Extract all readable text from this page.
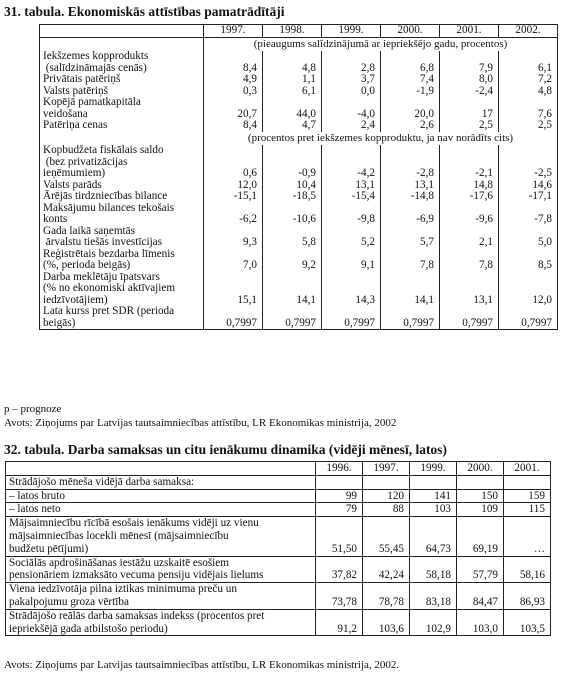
31. tabula. Ekonomiskās attīstības pamatrādītāji
	1997.	1998.	1999.	2000.	2001.	2002.
	(pieaugums salīdzinājumā ar iepriekšējo gadu, procentos)					

Iekšzemes kopprodukts
(salīdzināmajās cenās)	8,4	4,8	2,8	6,8	7,9	6,1

Privātais patēriņš	4,9	1,1	3,7	7,4	8,0	7,2

Valsts patēriņš	0,3	6,1	0,0	-1,9	-2,4	4,8

Kopējā pamatkapitāla
veidošana	20,7	44,0	-4,0	20,0	17	7,6

Patēriņa cenas	8,4	4,7	2,4	2,6	2,5	2,5
	(procentos pret iekšzemes kopproduktu, ja nav norādīts cits)					

Kopbudžeta fiskālais saldo
(bez privatizācijas
ieņēmumiem)	0,6	-0,9	-4,2	-2,8	-2,1	-2,5

Valsts parāds	12,0	10,4	13,1	13,1	14,8	14,6

Ārējās tirdzniecības bilance	-15,1	-18,5	-15,4	-14,8	-17,6	-17,1

Maksājumu bilances tekošais
konts	-6,2	-10,6	-9,8	-6,9	-9,6	-7,8

Gada laikā saņemtās
ārvalstu tiešās investīcijas	9,3	5,8	5,2	5,7	2,1	5,0

Reģistrētais bezdarba līmenis
(%, perioda beigās)	7,0	9,2	9,1	7,8	7,8	8,5

Darba meklētāju īpatsvars
(% no ekonomiski aktīvajiem
iedzīvotājiem)	15,1	14,1	14,3	14,1	13,1	12,0

Lata kurss pret SDR (perioda
beigās)	0,7997	0,7997	0,7997	0,7997	0,7997	0,7997
p – prognoze
Avots: Ziņojums par Latvijas tautsaimniecības attīstību, LR Ekonomikas ministrija, 2002
32. tabula. Darba samaksas un citu ienākumu dinamika (vidēji mēnesī, latos)
	1996.	1997.	1999.	2000.	2001.

Strādājošo mēneša vidējā darba samaksa:					

– latos bruto	99	120	141	150	159

– latos neto	79	88	103	109	115

Mājsaimniecību rīcībā esošais ienākums vidēji uz vienu
mājsaimniecības locekli mēnesī (mājsaimniecību
budžetu pētījumi)	51,50	55,45	64,73	69,19	…

Sociālās apdrošināšanas iestāžu uzskaitē esošiem
pensionāriem izmaksāto vecuma pensiju vidējais lielums	37,82	42,24	58,18	57,79	58,16

Viena iedzīvotāja pilna iztikas minimuma preču un
pakalpojumu groza vērtība	73,78	78,78	83,18	84,47	86,93

Strādājošo reālās darba samaksas indekss (procentos pret
iepriekšējā gada atbilstošo periodu)	91,2	103,6	102,9	103,0	103,5
Avots: Ziņojums par Latvijas tautsaimniecības attīstību, LR Ekonomikas ministrija, 2002.
